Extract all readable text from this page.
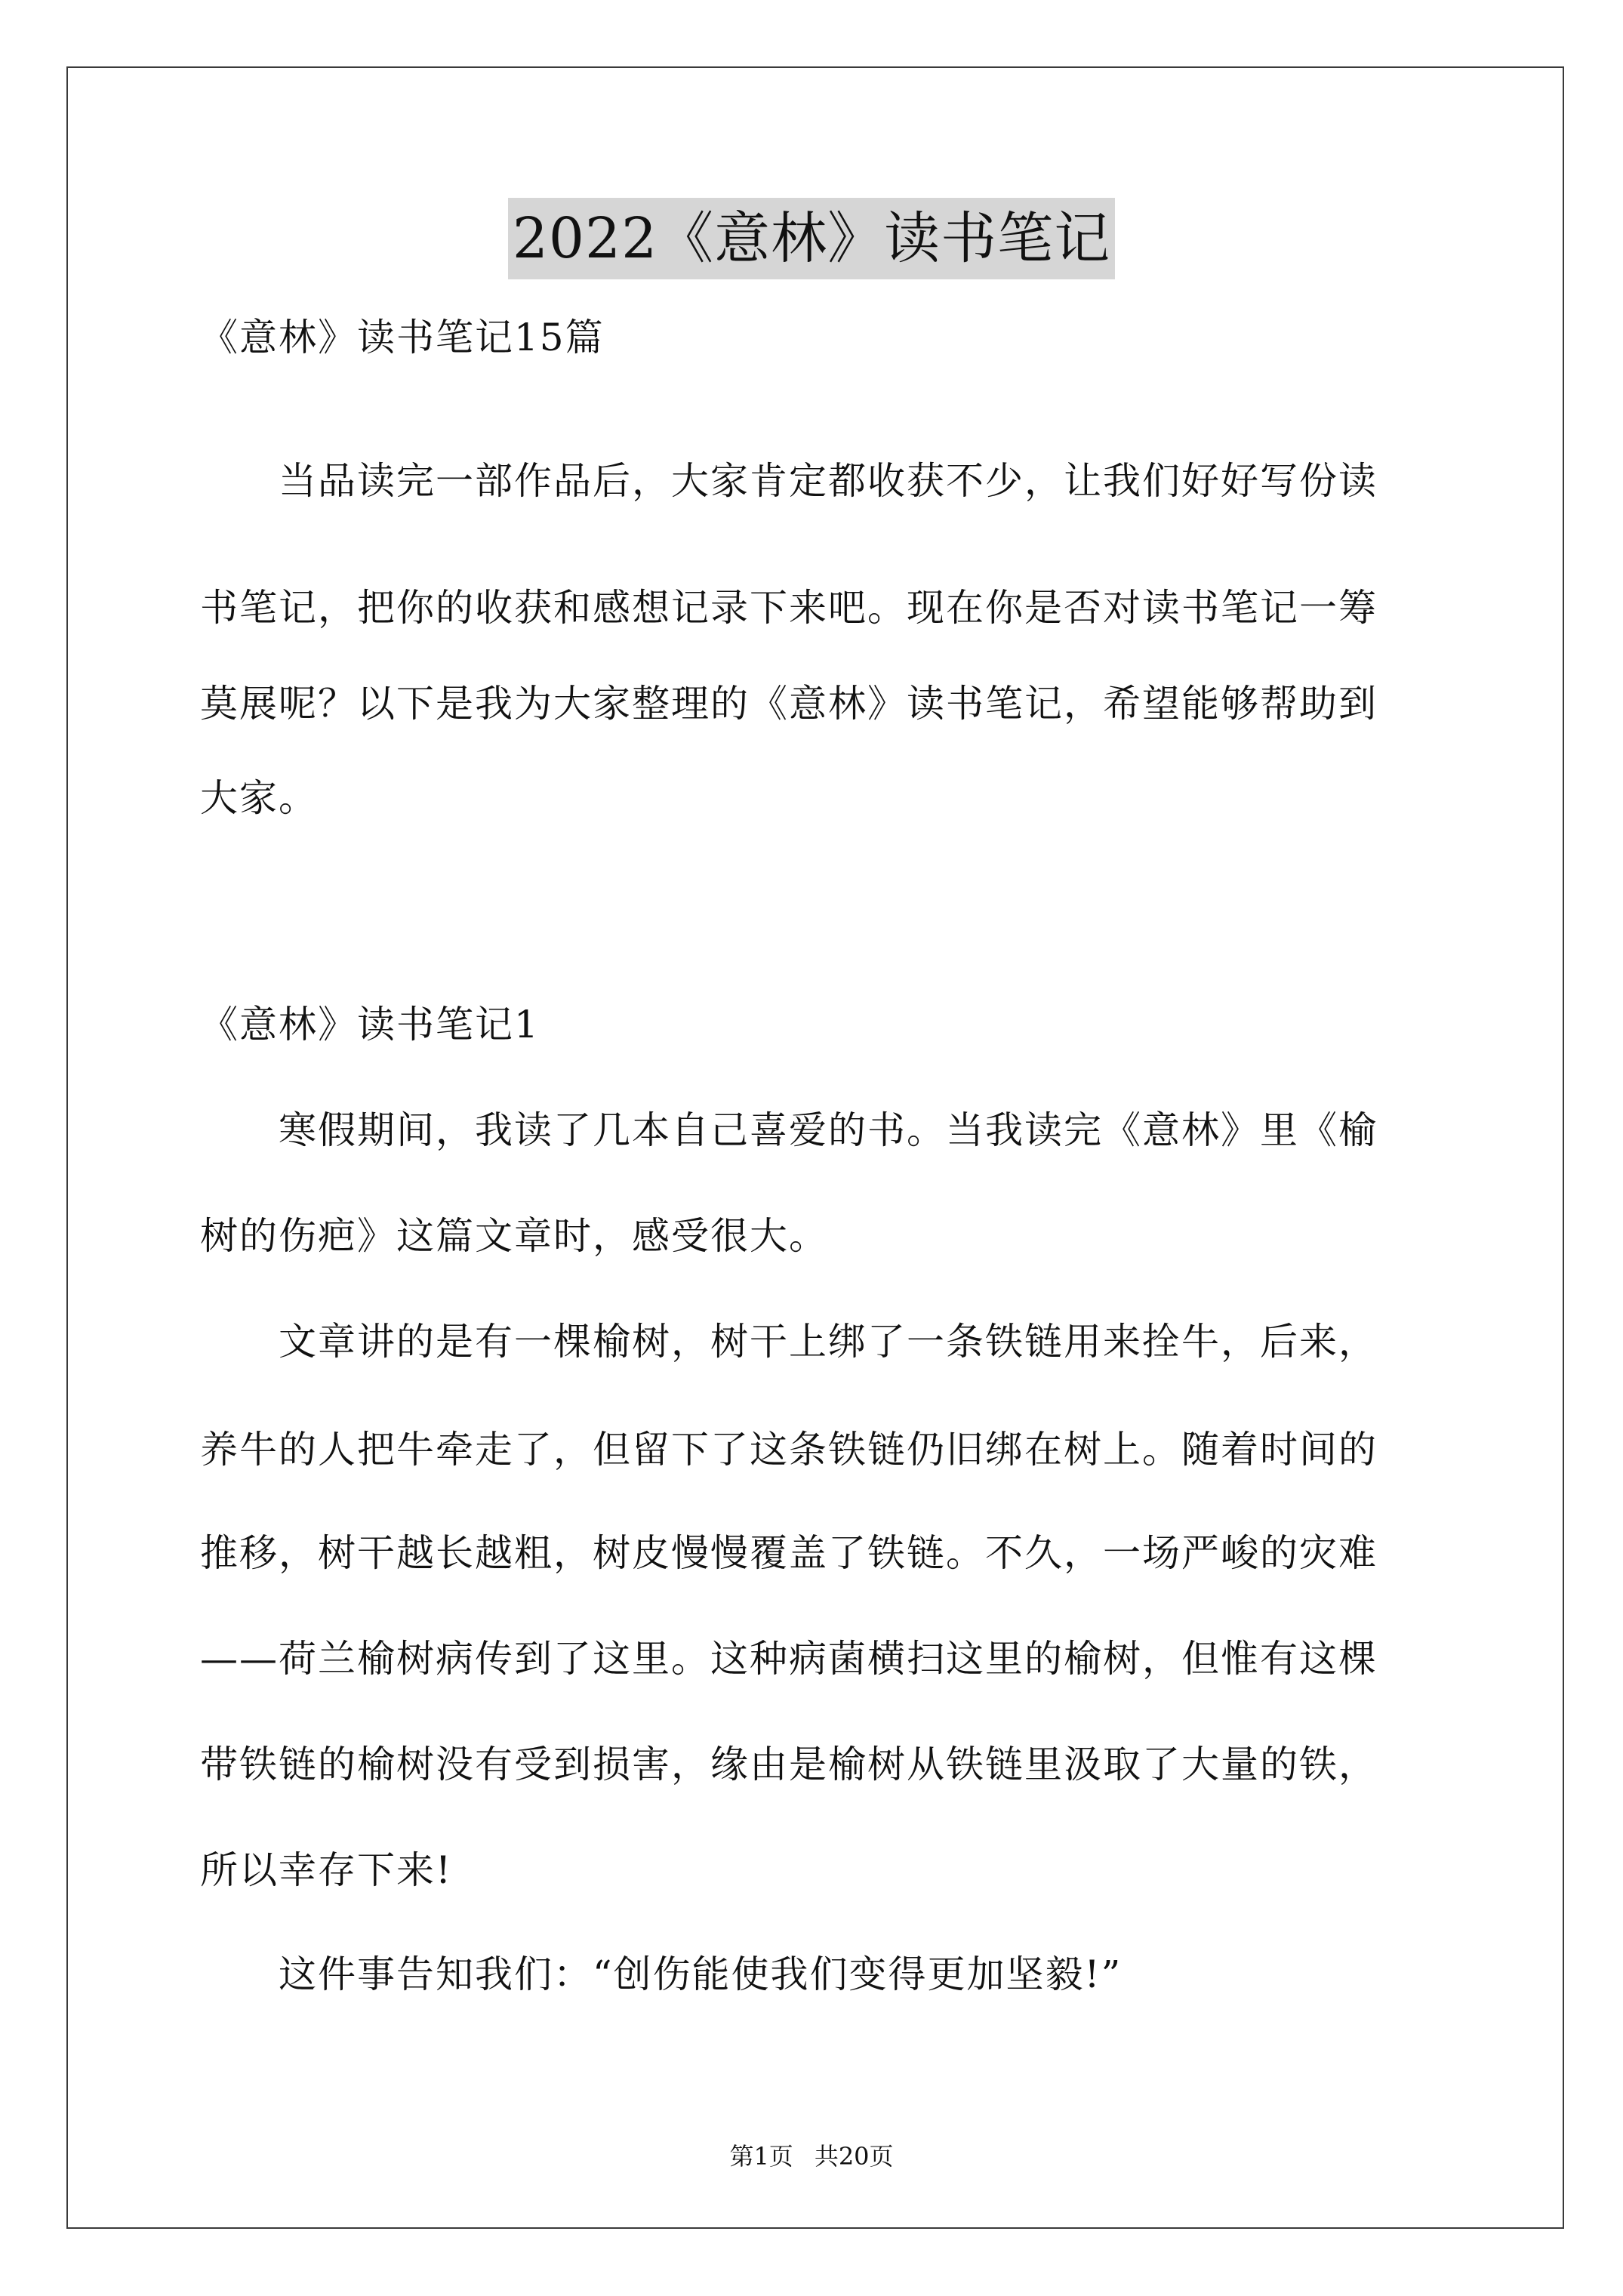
2022《意林》读书笔记
《意林》读书笔记15篇
　　当品读完一部作品后，大家肯定都收获不少，让我们好好写份读
书笔记，把你的收获和感想记录下来吧。现在你是否对读书笔记一筹
莫展呢？以下是我为大家整理的《意林》读书笔记，希望能够帮助到
大家。
《意林》读书笔记1
　　寒假期间，我读了几本自己喜爱的书。当我读完《意林》里《榆
树的伤疤》这篇文章时，感受很大。
　　文章讲的是有一棵榆树，树干上绑了一条铁链用来拴牛，后来，
养牛的人把牛牵走了，但留下了这条铁链仍旧绑在树上。随着时间的
推移，树干越长越粗，树皮慢慢覆盖了铁链。不久，一场严峻的灾难
——荷兰榆树病传到了这里。这种病菌横扫这里的榆树，但惟有这棵
带铁链的榆树没有受到损害，缘由是榆树从铁链里汲取了大量的铁，
所以幸存下来!
　　这件事告知我们：“创伤能使我们变得更加坚毅!”
第1页 共20页
